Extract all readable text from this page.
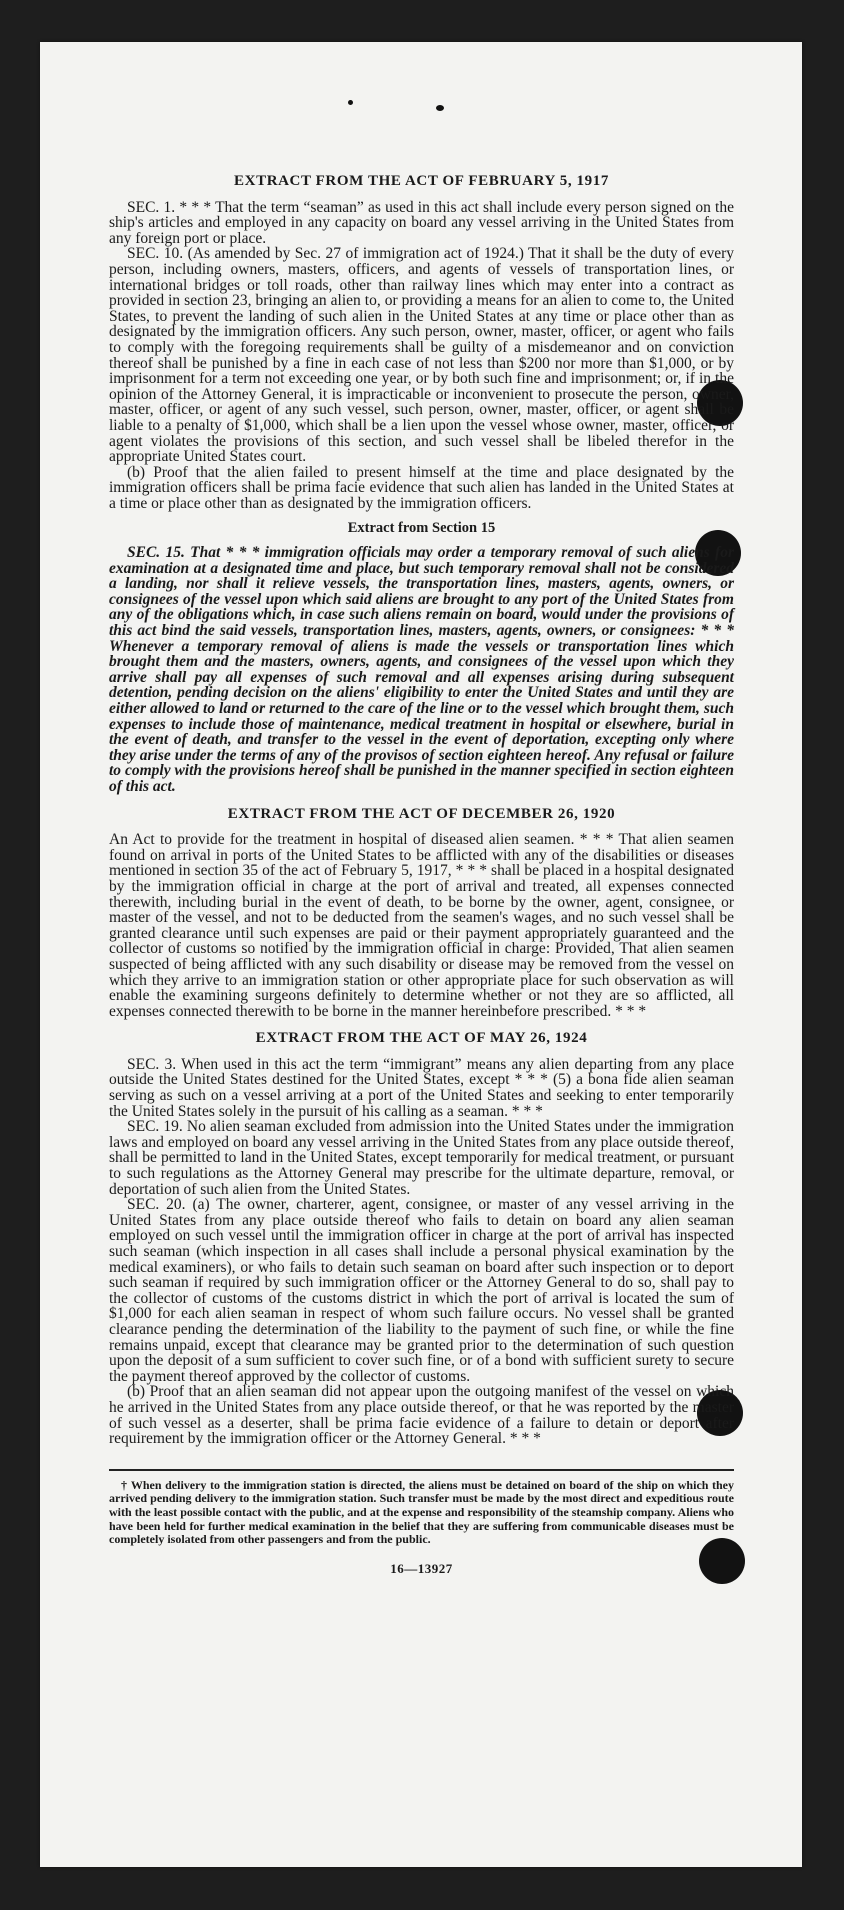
EXTRACT FROM THE ACT OF FEBRUARY 5, 1917

SEC. 1. * * * That the term “seaman” as used in this act shall include every person signed on the ship's articles and employed in any capacity on board any vessel arriving in the United States from any foreign port or place.

SEC. 10. (As amended by Sec. 27 of immigration act of 1924.) That it shall be the duty of every person, including owners, masters, officers, and agents of vessels of transportation lines, or international bridges or toll roads, other than railway lines which may enter into a contract as provided in section 23, bringing an alien to, or providing a means for an alien to come to, the United States, to prevent the landing of such alien in the United States at any time or place other than as designated by the immigration officers. Any such person, owner, master, officer, or agent who fails to comply with the foregoing requirements shall be guilty of a misdemeanor and on conviction thereof shall be punished by a fine in each case of not less than $200 nor more than $1,000, or by imprisonment for a term not exceeding one year, or by both such fine and imprisonment; or, if in the opinion of the Attorney General, it is impracticable or inconvenient to prosecute the person, owner, master, officer, or agent of any such vessel, such person, owner, master, officer, or agent shall be liable to a penalty of $1,000, which shall be a lien upon the vessel whose owner, master, officer, or agent violates the provisions of this section, and such vessel shall be libeled therefor in the appropriate United States court.

(b) Proof that the alien failed to present himself at the time and place designated by the immigration officers shall be prima facie evidence that such alien has landed in the United States at a time or place other than as designated by the immigration officers.

Extract from Section 15

SEC. 15. That * * * immigration officials may order a temporary removal of such aliens for examination at a designated time and place, but such temporary removal shall not be considered a landing, nor shall it relieve vessels, the transportation lines, masters, agents, owners, or consignees of the vessel upon which said aliens are brought to any port of the United States from any of the obligations which, in case such aliens remain on board, would under the provisions of this act bind the said vessels, transportation lines, masters, agents, owners, or consignees: * * * Whenever a temporary removal of aliens is made the vessels or transportation lines which brought them and the masters, owners, agents, and consignees of the vessel upon which they arrive shall pay all expenses of such removal and all expenses arising during subsequent detention, pending decision on the aliens' eligibility to enter the United States and until they are either allowed to land or returned to the care of the line or to the vessel which brought them, such expenses to include those of maintenance, medical treatment in hospital or elsewhere, burial in the event of death, and transfer to the vessel in the event of deportation, excepting only where they arise under the terms of any of the provisos of section eighteen hereof. Any refusal or failure to comply with the provisions hereof shall be punished in the manner specified in section eighteen of this act.

EXTRACT FROM THE ACT OF DECEMBER 26, 1920

An Act to provide for the treatment in hospital of diseased alien seamen. * * * That alien seamen found on arrival in ports of the United States to be afflicted with any of the disabilities or diseases mentioned in section 35 of the act of February 5, 1917, * * * shall be placed in a hospital designated by the immigration official in charge at the port of arrival and treated, all expenses connected therewith, including burial in the event of death, to be borne by the owner, agent, consignee, or master of the vessel, and not to be deducted from the seamen's wages, and no such vessel shall be granted clearance until such expenses are paid or their payment appropriately guaranteed and the collector of customs so notified by the immigration official in charge: Provided, That alien seamen suspected of being afflicted with any such disability or disease may be removed from the vessel on which they arrive to an immigration station or other appropriate place for such observation as will enable the examining surgeons definitely to determine whether or not they are so afflicted, all expenses connected therewith to be borne in the manner hereinbefore prescribed. * * *

EXTRACT FROM THE ACT OF MAY 26, 1924

SEC. 3. When used in this act the term “immigrant” means any alien departing from any place outside the United States destined for the United States, except * * * (5) a bona fide alien seaman serving as such on a vessel arriving at a port of the United States and seeking to enter temporarily the United States solely in the pursuit of his calling as a seaman. * * *

SEC. 19. No alien seaman excluded from admission into the United States under the immigration laws and employed on board any vessel arriving in the United States from any place outside thereof, shall be permitted to land in the United States, except temporarily for medical treatment, or pursuant to such regulations as the Attorney General may prescribe for the ultimate departure, removal, or deportation of such alien from the United States.

SEC. 20. (a) The owner, charterer, agent, consignee, or master of any vessel arriving in the United States from any place outside thereof who fails to detain on board any alien seaman employed on such vessel until the immigration officer in charge at the port of arrival has inspected such seaman (which inspection in all cases shall include a personal physical examination by the medical examiners), or who fails to detain such seaman on board after such inspection or to deport such seaman if required by such immigration officer or the Attorney General to do so, shall pay to the collector of customs of the customs district in which the port of arrival is located the sum of $1,000 for each alien seaman in respect of whom such failure occurs. No vessel shall be granted clearance pending the determination of the liability to the payment of such fine, or while the fine remains unpaid, except that clearance may be granted prior to the determination of such question upon the deposit of a sum sufficient to cover such fine, or of a bond with sufficient surety to secure the payment thereof approved by the collector of customs.

(b) Proof that an alien seaman did not appear upon the outgoing manifest of the vessel on which he arrived in the United States from any place outside thereof, or that he was reported by the master of such vessel as a deserter, shall be prima facie evidence of a failure to detain or deport after requirement by the immigration officer or the Attorney General. * * *

† When delivery to the immigration station is directed, the aliens must be detained on board of the ship on which they arrived pending delivery to the immigration station. Such transfer must be made by the most direct and expeditious route with the least possible contact with the public, and at the expense and responsibility of the steamship company. Aliens who have been held for further medical examination in the belief that they are suffering from communicable diseases must be completely isolated from other passengers and from the public.
16—13927
